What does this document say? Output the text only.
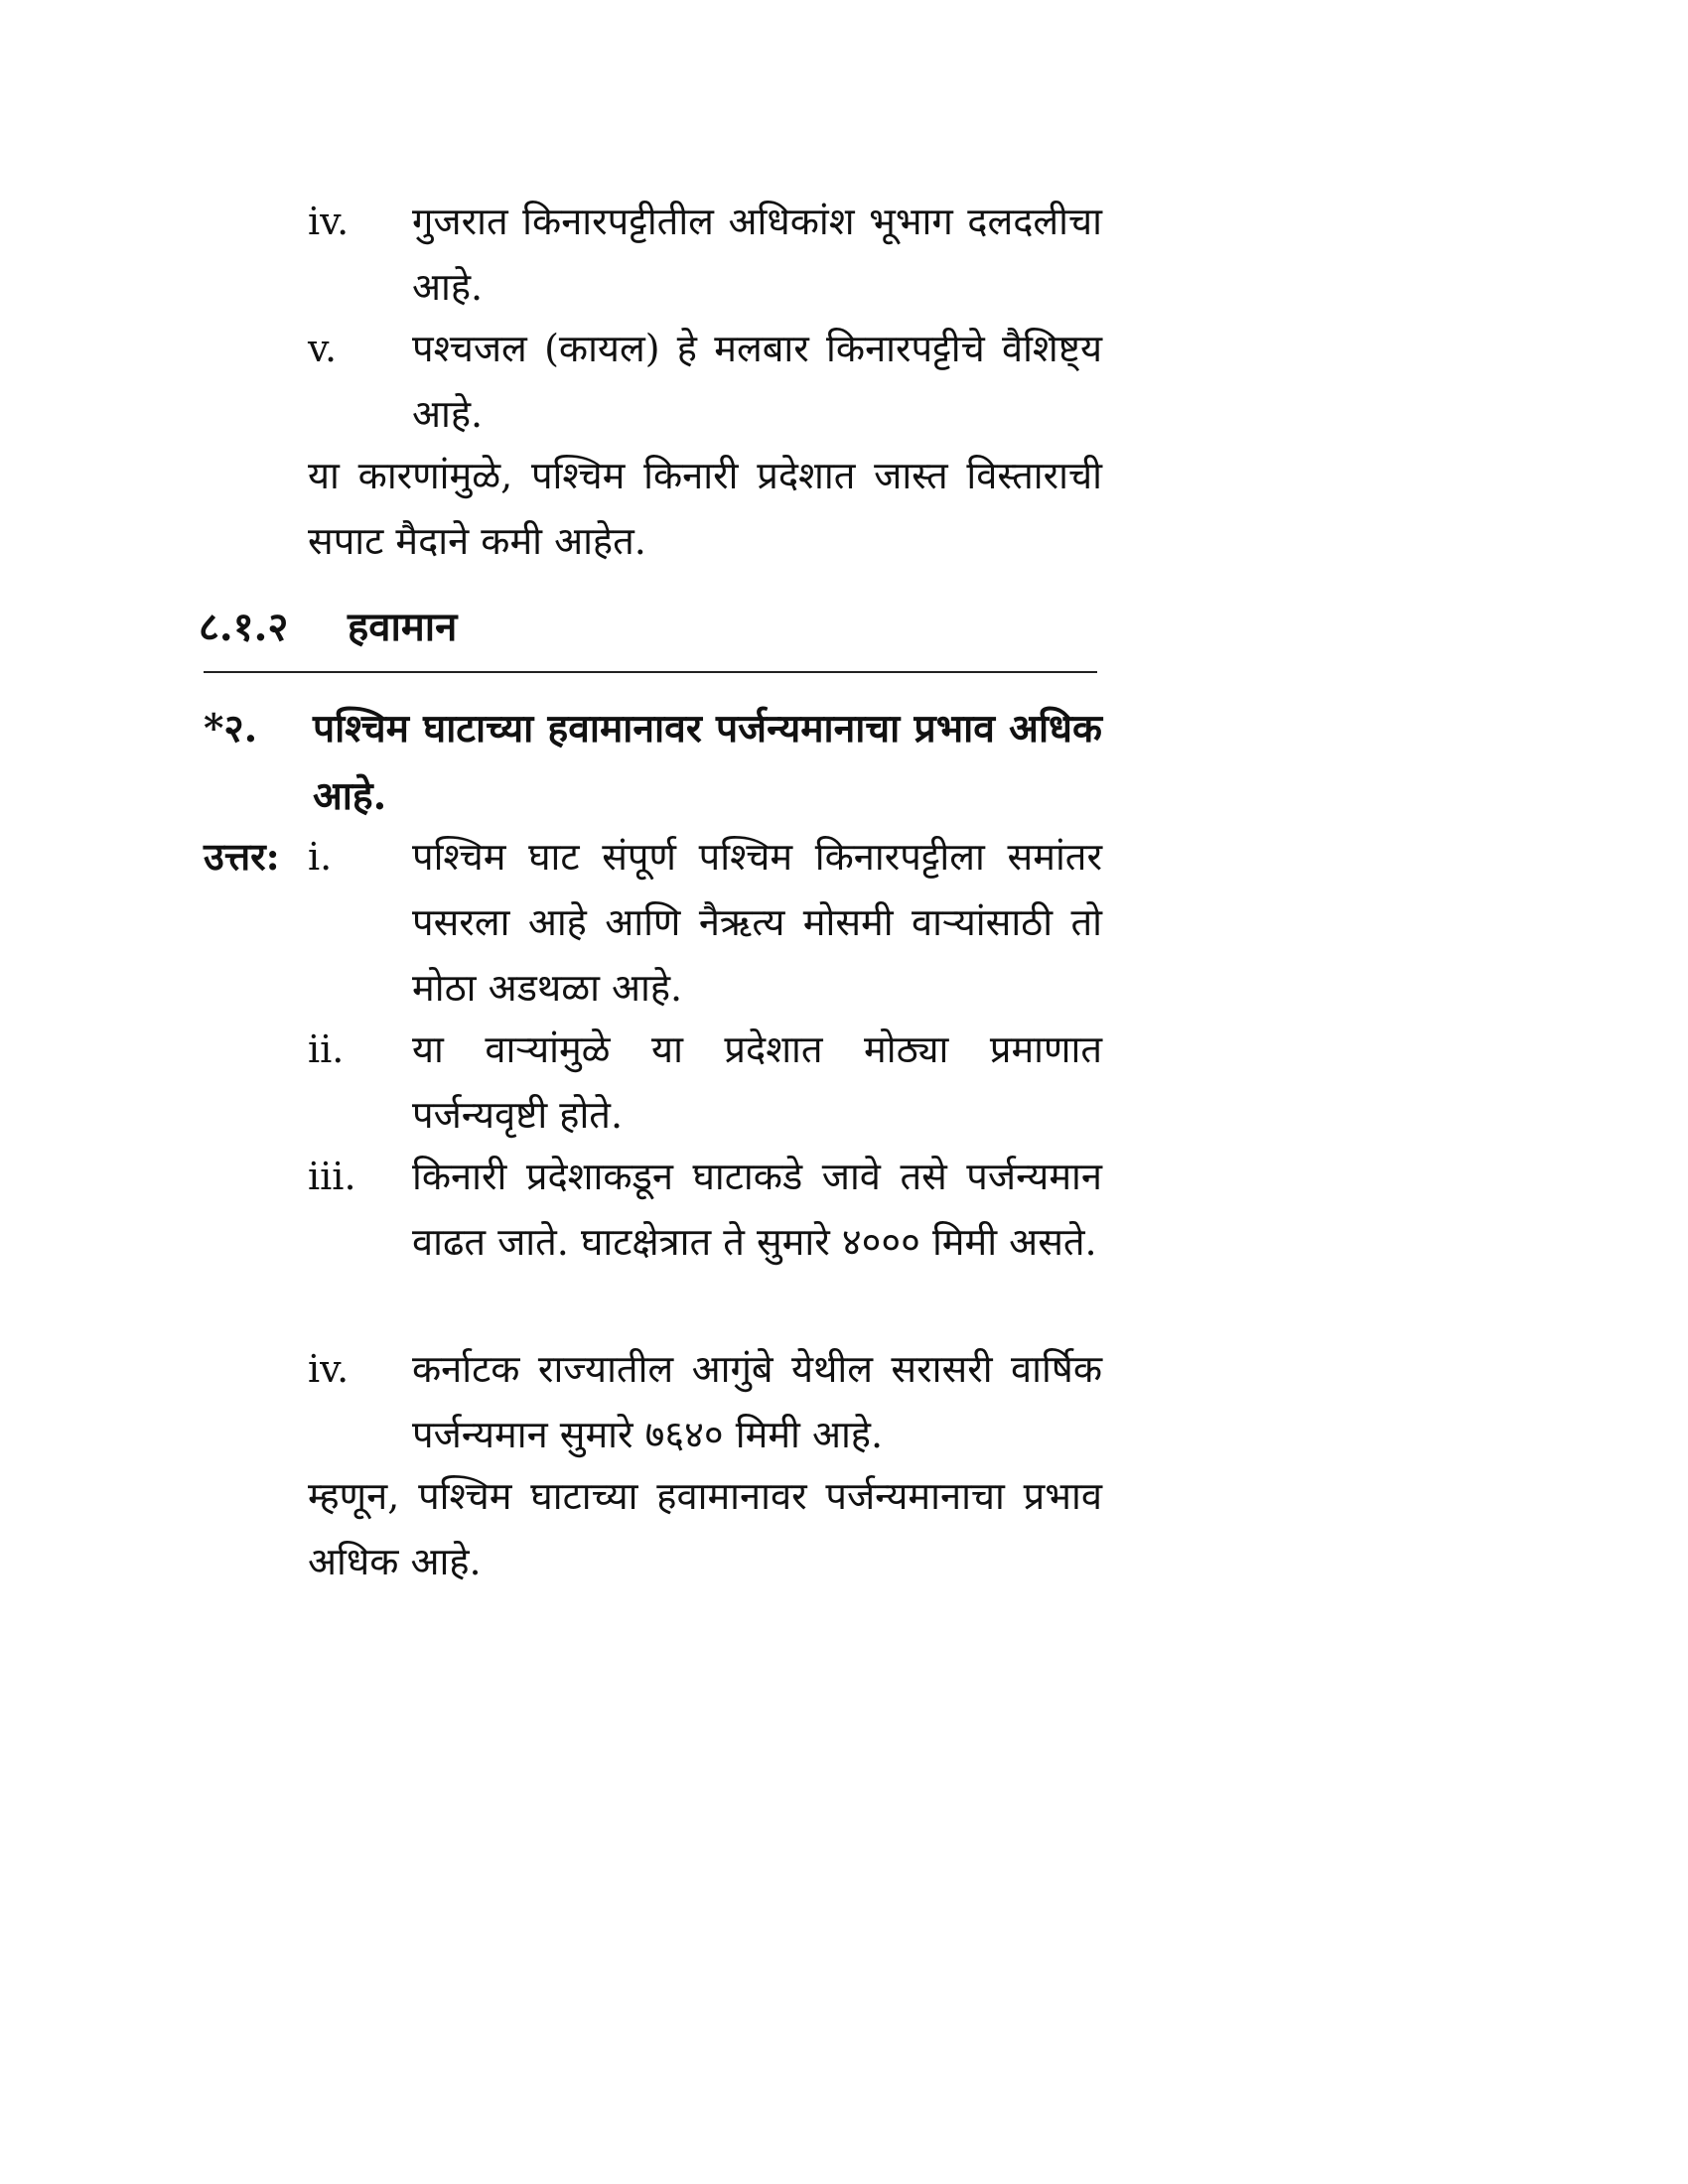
iv.	गुजरात किनारपट्टीतील अधिकांश भूभाग दलदलीचा आहे.
v.	पश्चजल (कायल) हे मलबार किनारपट्टीचे वैशिष्ट्य आहे.
या कारणांमुळे, पश्चिम किनारी प्रदेशात जास्त विस्ताराची सपाट मैदाने कमी आहेत.
८.१.२ हवामान
*२. पश्चिम घाटाच्या हवामानावर पर्जन्यमानाचा प्रभाव अधिक आहे.
उत्तर: i.	पश्चिम घाट संपूर्ण पश्चिम किनारपट्टीला समांतर पसरला आहे आणि नैऋत्य मोसमी वाऱ्यांसाठी तो मोठा अडथळा आहे.
ii.	या वाऱ्यांमुळे या प्रदेशात मोठ्या प्रमाणात पर्जन्यवृष्टी होते.
iii.	किनारी प्रदेशाकडून घाटाकडे जावे तसे पर्जन्यमान वाढत जाते. घाटक्षेत्रात ते सुमारे ४००० मिमी असते.
iv.	कर्नाटक राज्यातील आगुंबे येथील सरासरी वार्षिक पर्जन्यमान सुमारे ७६४० मिमी आहे.
म्हणून, पश्चिम घाटाच्या हवामानावर पर्जन्यमानाचा प्रभाव अधिक आहे.
